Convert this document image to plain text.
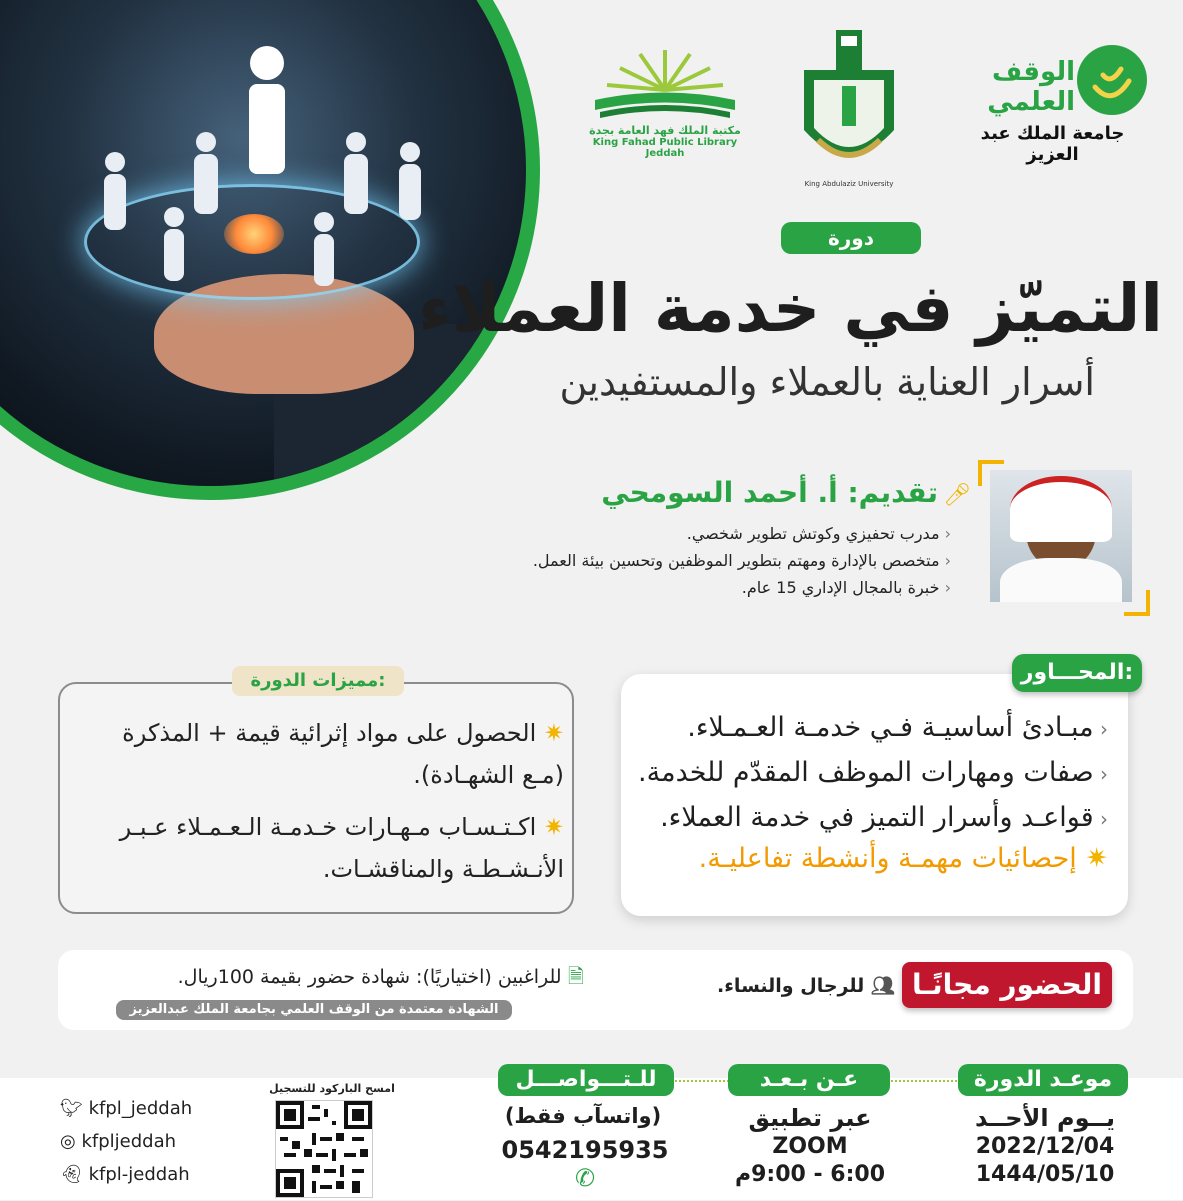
مكتبة الملك فهد العامة بجدة
King Fahad Public Library Jeddah
King Abdulaziz University
الوقف العلمي
جامعة الملك عبد العزيز
دورة
التميّز في خدمة العملاء
أسرار العناية بالعملاء والمستفيدين
🎤︎ تقديم: أ. أحمد السومحي
‹ مدرب تحفيزي وكوتش تطوير شخصي.
‹ متخصص بالإدارة ومهتم بتطوير الموظفين وتحسين بيئة العمل.
‹ خبرة بالمجال الإداري 15 عام.
المحـــاور:
‹ مبـادئ أساسيـة فـي خدمـة العـمـلاء.
‹ صفات ومهارات الموظف المقدّم للخدمة.
‹ قواعـد وأسرار التميز في خدمة العملاء.
✷ إحصائيات مهمـة وأنشطة تفاعليـة.
مميزات الدورة:
✷ الحصول على مواد إثرائية قيمة + المذكرة (مـع الشهـادة).
✷ اكـتـسـاب مـهـارات خـدمـة الـعـمـلاء عـبـر الأنـشـطـة والمناقشـات.
الحضور مجانًـا
👥︎ للرجال والنساء.
🗎︎ للراغبين (اختياريًا): شهادة حضور بقيمة 100ريال.
الشهادة معتمدة من الوقف العلمي بجامعة الملك عبدالعزيز
موعـد الدورة
يــوم الأحــد
2022/12/04
1444/05/10
عـن بـعـد
عبر تطبيق
ZOOM
6:00 - 9:00م
للـتـــواصـــل
(واتسآب فقط)
0542195935 ✆
امسح الباركود للتسجيل
🐦︎ kfpl_jeddah
◎ kfpljeddah
👻︎ kfpl-jeddah
